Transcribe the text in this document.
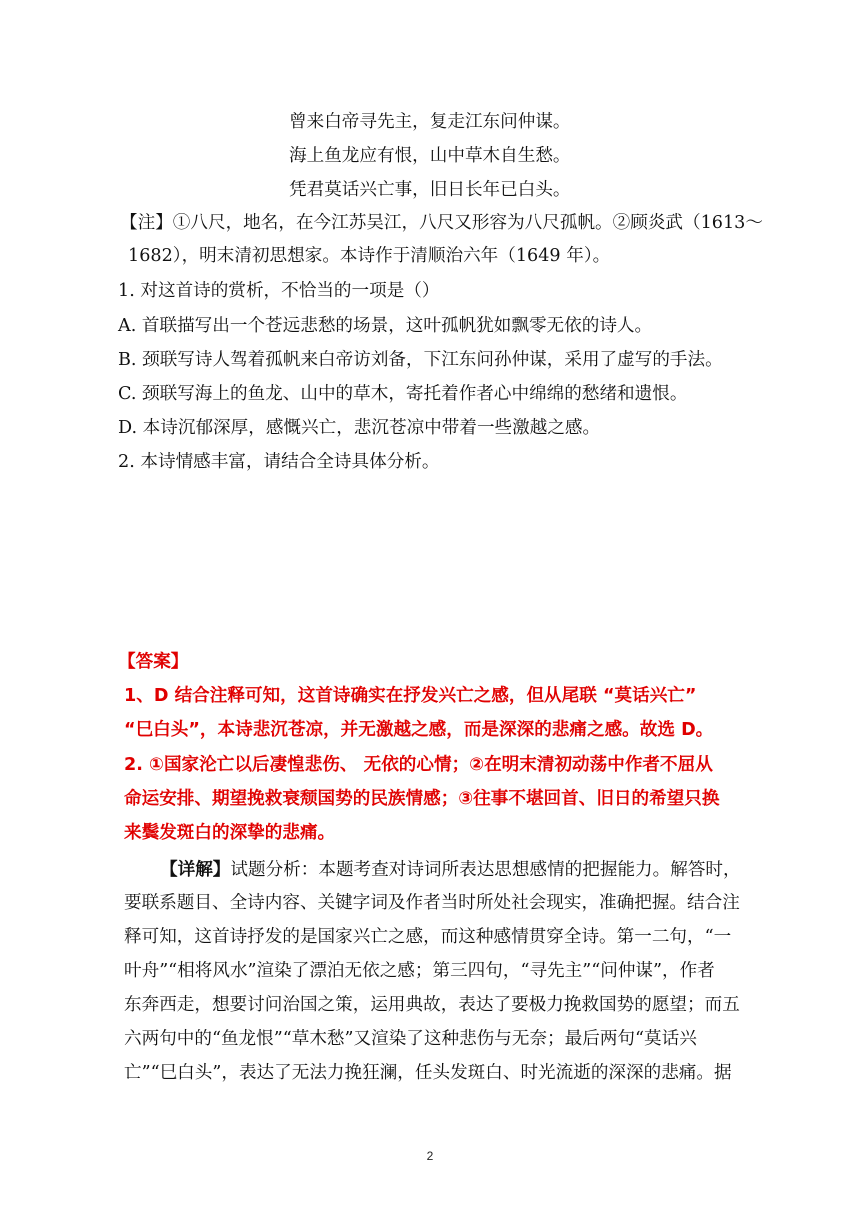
曾来白帝寻先主，复走江东问仲谋。
海上鱼龙应有恨，山中草木自生愁。
凭君莫话兴亡事，旧日长年已白头。
【注】①八尺，地名，在今江苏吴江，八尺又形容为八尺孤帆。②顾炎武（1613～
1682），明末清初思想家。本诗作于清顺治六年（1649 年）。
1. 对这首诗的赏析，不恰当的一项是（）
A. 首联描写出一个苍远悲愁的场景，这叶孤帆犹如飘零无依的诗人。
B. 颈联写诗人驾着孤帆来白帝访刘备，下江东问孙仲谋，采用了虚写的手法。
C. 颈联写海上的鱼龙、山中的草木，寄托着作者心中绵绵的愁绪和遗恨。
D. 本诗沉郁深厚，感慨兴亡，悲沉苍凉中带着一些激越之感。
2. 本诗情感丰富，请结合全诗具体分析。
【答案】
1、D 结合注释可知，这首诗确实在抒发兴亡之感，但从尾联 “莫话兴亡”
“巳白头”，本诗悲沉苍凉，并无激越之感，而是深深的悲痛之感。故选 D。
2. ①国家沦亡以后凄惶悲伤、 无依的心情；②在明末清初动荡中作者不屈从
命运安排、期望挽救衰颓国势的民族情感；③往事不堪回首、旧日的希望只换
来鬓发斑白的深挚的悲痛。
【详解】试题分析：本题考查对诗词所表达思想感情的把握能力。解答时，
要联系题目、全诗内容、关键字词及作者当时所处社会现实，准确把握。结合注
释可知，这首诗抒发的是国家兴亡之感，而这种感情贯穿全诗。第一二句，“一
叶舟”“相将风水”渲染了漂泊无依之感；第三四句，“寻先主”“问仲谋”，作者
东奔西走，想要讨问治国之策，运用典故，表达了要极力挽救国势的愿望；而五
六两句中的“鱼龙恨”“草木愁”又渲染了这种悲伤与无奈；最后两句“莫话兴
亡”“巳白头”，表达了无法力挽狂澜，任头发斑白、时光流逝的深深的悲痛。据
2
